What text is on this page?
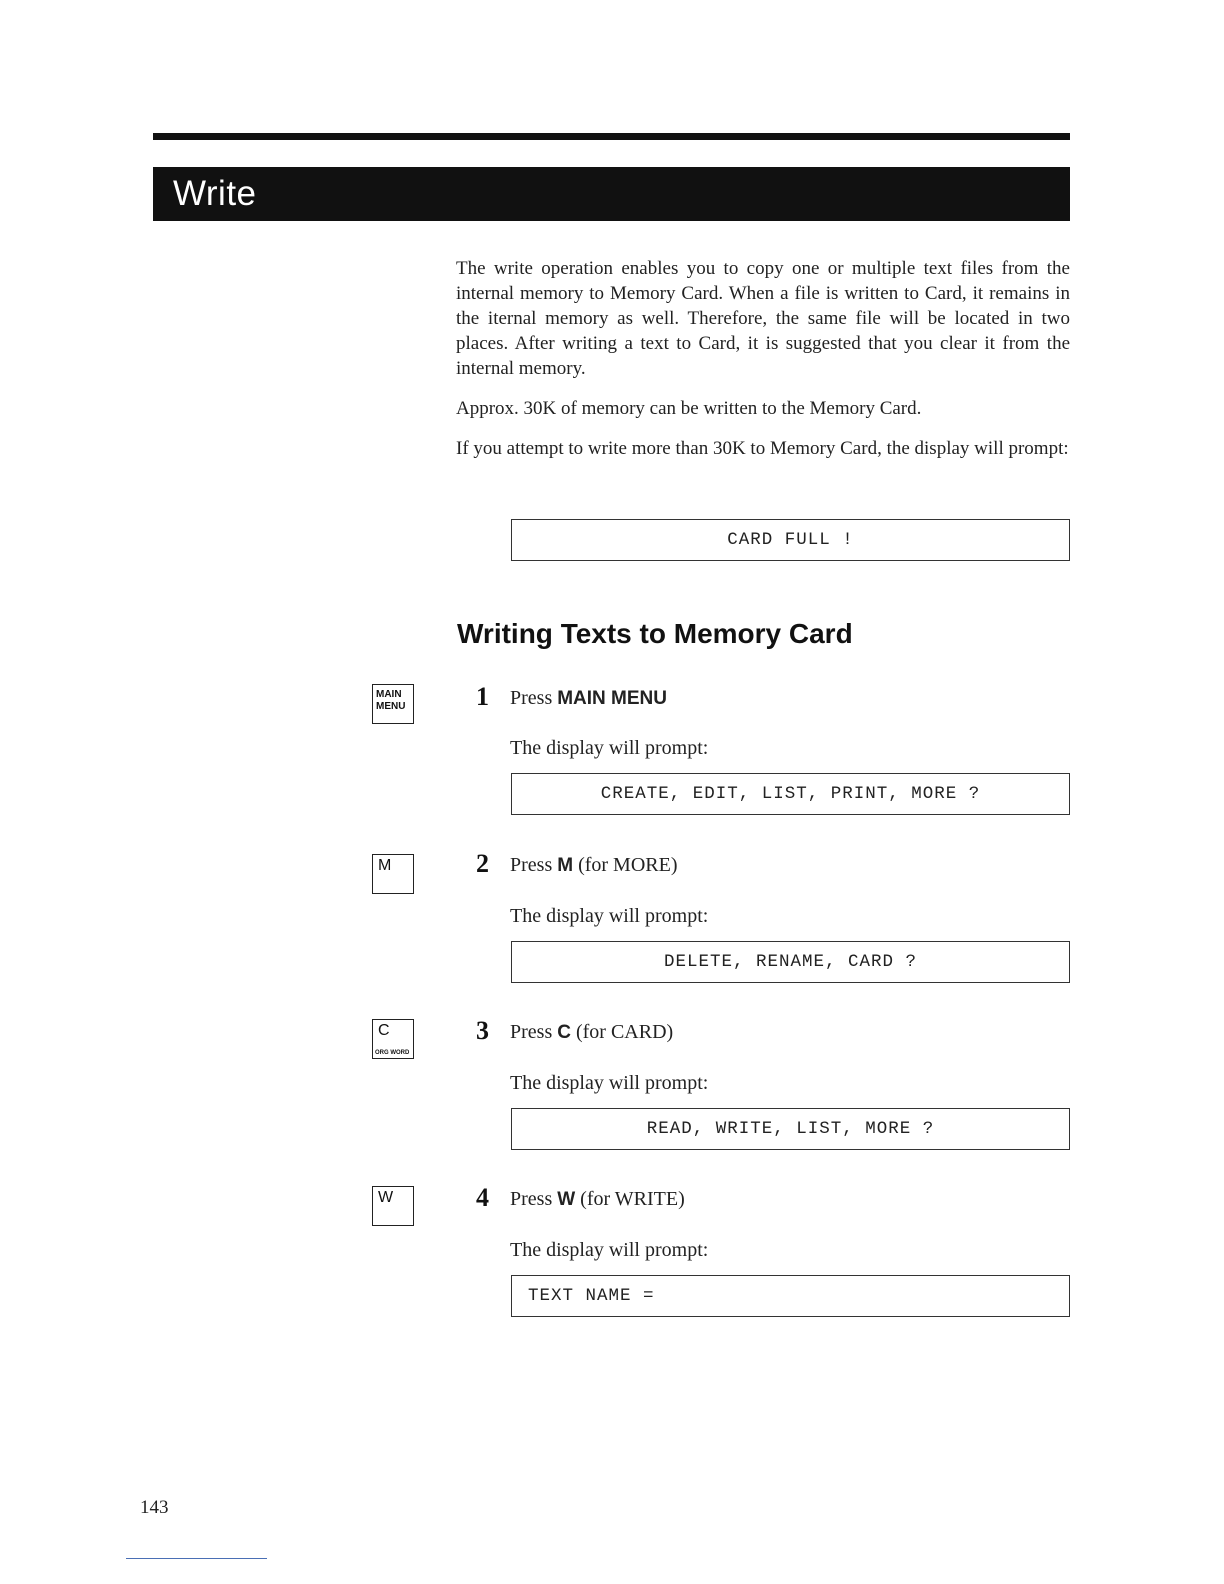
Write

The write operation enables you to copy one or multiple text files from the internal memory to Memory Card. When a file is written to Card, it remains in the iternal memory as well. Therefore, the same file will be located in two places. After writing a text to Card, it is suggested that you clear it from the internal memory.

Approx. 30K of memory can be written to the Memory Card.

If you attempt to write more than 30K to Memory Card, the display will prompt:

CARD FULL !
Writing Texts to Memory Card
MAIN
MENU	1 Press MAIN MENU
The display will prompt:
CREATE, EDIT, LIST, PRINT, MORE ?
M	2 Press M (for MORE)
The display will prompt:
DELETE, RENAME, CARD ?
C
ORG WORD
3 Press C (for CARD)
The display will prompt:
READ, WRITE, LIST, MORE ?
W	4 Press W (for WRITE)
The display will prompt:
TEXT NAME =
143
